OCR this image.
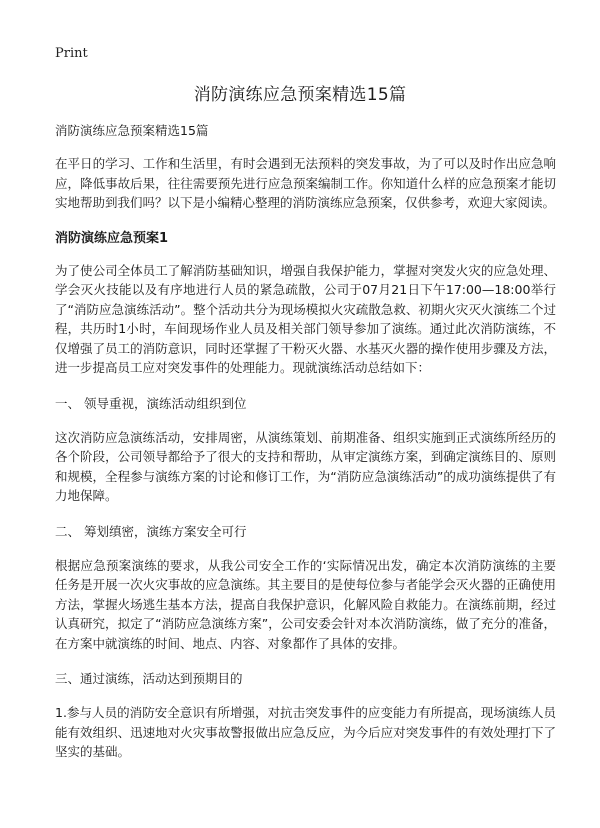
Print
消防演练应急预案精选15篇

消防演练应急预案精选15篇

在平日的学习、工作和生活里，有时会遇到无法预料的突发事故，为了可以及时作出应急响应，降低事故后果，往往需要预先进行应急预案编制工作。你知道什么样的应急预案才能切实地帮助到我们吗？以下是小编精心整理的消防演练应急预案，仅供参考，欢迎大家阅读。

消防演练应急预案1

为了使公司全体员工了解消防基础知识，增强自我保护能力，掌握对突发火灾的应急处理、学会灭火技能以及有序地进行人员的紧急疏散，公司于07月21日下午17:00—18:00举行了“消防应急演练活动”。整个活动共分为现场模拟火灾疏散急救、初期火灾灭火演练二个过程，共历时1小时，车间现场作业人员及相关部门领导参加了演练。通过此次消防演练，不仅增强了员工的消防意识，同时还掌握了干粉灭火器、水基灭火器的操作使用步骤及方法，进一步提高员工应对突发事件的处理能力。现就演练活动总结如下：

一、 领导重视，演练活动组织到位

这次消防应急演练活动，安排周密，从演练策划、前期准备、组织实施到正式演练所经历的各个阶段，公司领导都给予了很大的支持和帮助，从审定演练方案，到确定演练目的、原则和规模，全程参与演练方案的讨论和修订工作，为“消防应急演练活动”的成功演练提供了有力地保障。

二、 筹划缜密，演练方案安全可行

根据应急预案演练的要求，从我公司安全工作的‘实际情况出发，确定本次消防演练的主要任务是开展一次火灾事故的应急演练。其主要目的是使每位参与者能学会灭火器的正确使用方法，掌握火场逃生基本方法，提高自我保护意识，化解风险自救能力。在演练前期，经过认真研究，拟定了“消防应急演练方案”，公司安委会针对本次消防演练，做了充分的准备，在方案中就演练的时间、地点、内容、对象都作了具体的安排。

三、通过演练，活动达到预期目的

1.参与人员的消防安全意识有所增强，对抗击突发事件的应变能力有所提高，现场演练人员能有效组织、迅速地对火灾事故警报做出应急反应，为今后应对突发事件的有效处理打下了坚实的基础。
